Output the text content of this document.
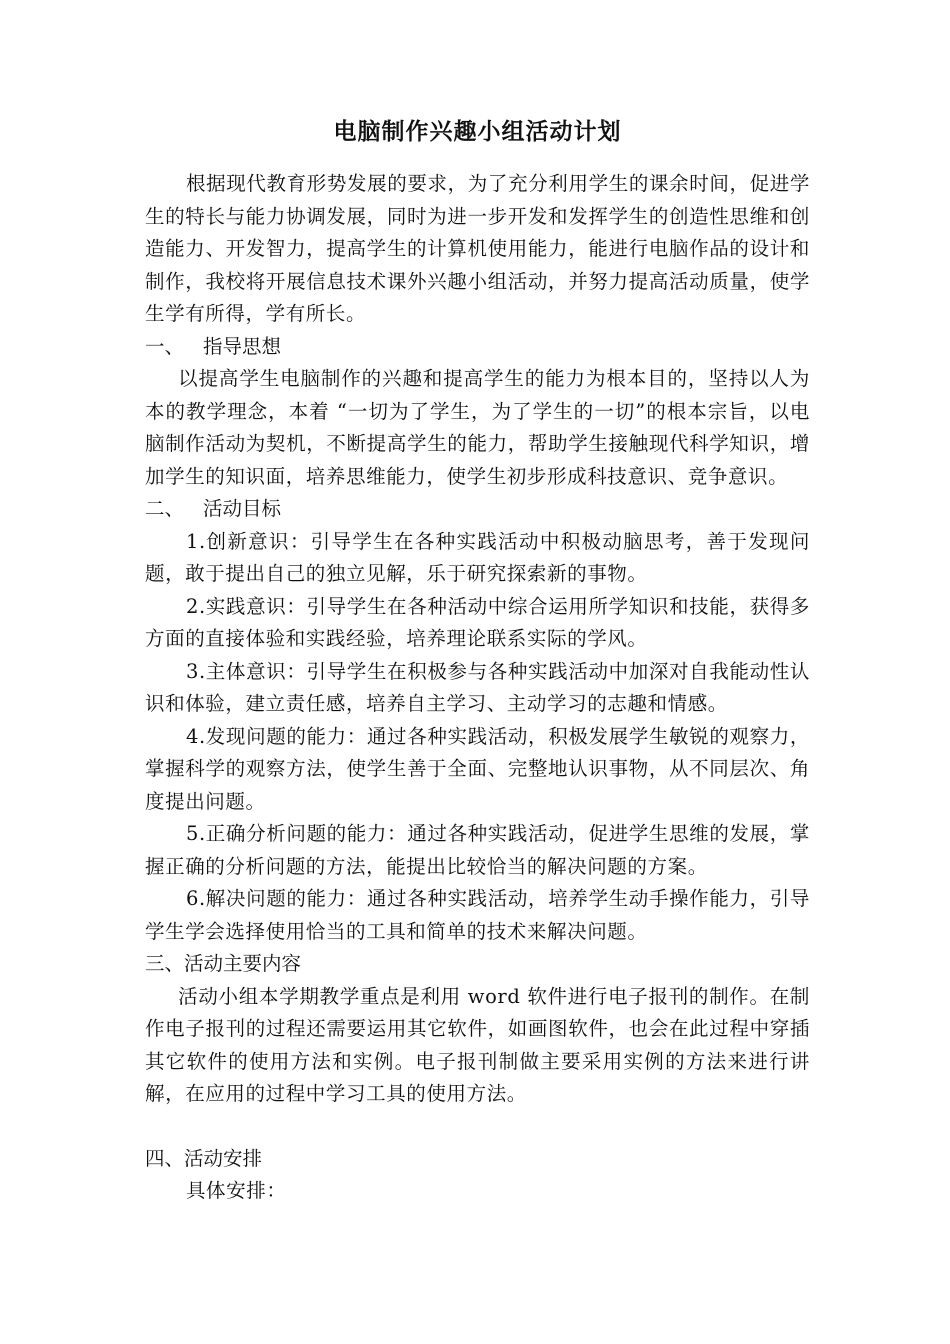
电脑制作兴趣小组活动计划

根据现代教育形势发展的要求，为了充分利用学生的课余时间，促进学生的特长与能力协调发展，同时为进一步开发和发挥学生的创造性思维和创造能力、开发智力，提高学生的计算机使用能力，能进行电脑作品的设计和制作，我校将开展信息技术课外兴趣小组活动，并努力提高活动质量，使学生学有所得，学有所长。

一、 指导思想

以提高学生电脑制作的兴趣和提高学生的能力为根本目的，坚持以人为本的教学理念，本着 “一切为了学生，为了学生的一切”的根本宗旨，以电脑制作活动为契机，不断提高学生的能力，帮助学生接触现代科学知识，增加学生的知识面，培养思维能力，使学生初步形成科技意识、竞争意识。

二、 活动目标

1.创新意识：引导学生在各种实践活动中积极动脑思考，善于发现问题，敢于提出自己的独立见解，乐于研究探索新的事物。

2.实践意识：引导学生在各种活动中综合运用所学知识和技能，获得多方面的直接体验和实践经验，培养理论联系实际的学风。

3.主体意识：引导学生在积极参与各种实践活动中加深对自我能动性认识和体验，建立责任感，培养自主学习、主动学习的志趣和情感。

4.发现问题的能力：通过各种实践活动，积极发展学生敏锐的观察力，掌握科学的观察方法，使学生善于全面、完整地认识事物，从不同层次、角度提出问题。

5.正确分析问题的能力：通过各种实践活动，促进学生思维的发展，掌握正确的分析问题的方法，能提出比较恰当的解决问题的方案。

6.解决问题的能力：通过各种实践活动，培养学生动手操作能力，引导学生学会选择使用恰当的工具和简单的技术来解决问题。

三、活动主要内容

活动小组本学期教学重点是利用 word 软件进行电子报刊的制作。在制作电子报刊的过程还需要运用其它软件，如画图软件，也会在此过程中穿插其它软件的使用方法和实例。电子报刊制做主要采用实例的方法来进行讲解，在应用的过程中学习工具的使用方法。

四、活动安排

具体安排：
